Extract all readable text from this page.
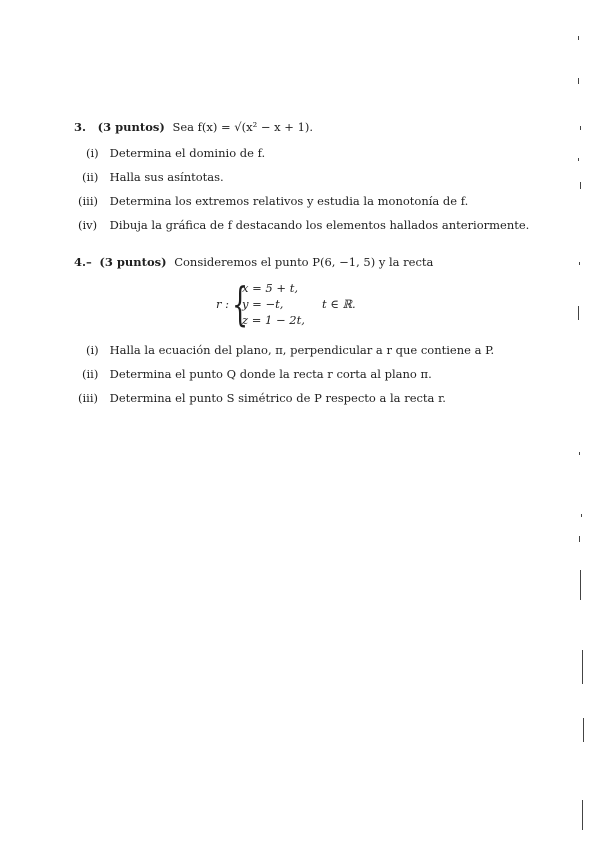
3. (3 puntos) Sea f(x) = √(x² − x + 1).
(i) Determina el dominio de f.
(ii) Halla sus asíntotas.
(iii) Determina los extremos relativos y estudia la monotonía de f.
(iv) Dibuja la gráfica de f destacando los elementos hallados anteriormente.
4.– (3 puntos) Consideremos el punto P(6, −1, 5) y la recta
r : {
x = 5 + t,
y = −t,
z = 1 − 2t,
t ∈ ℝ.
(i) Halla la ecuación del plano, π, perpendicular a r que contiene a P.
(ii) Determina el punto Q donde la recta r corta al plano π.
(iii) Determina el punto S simétrico de P respecto a la recta r.
